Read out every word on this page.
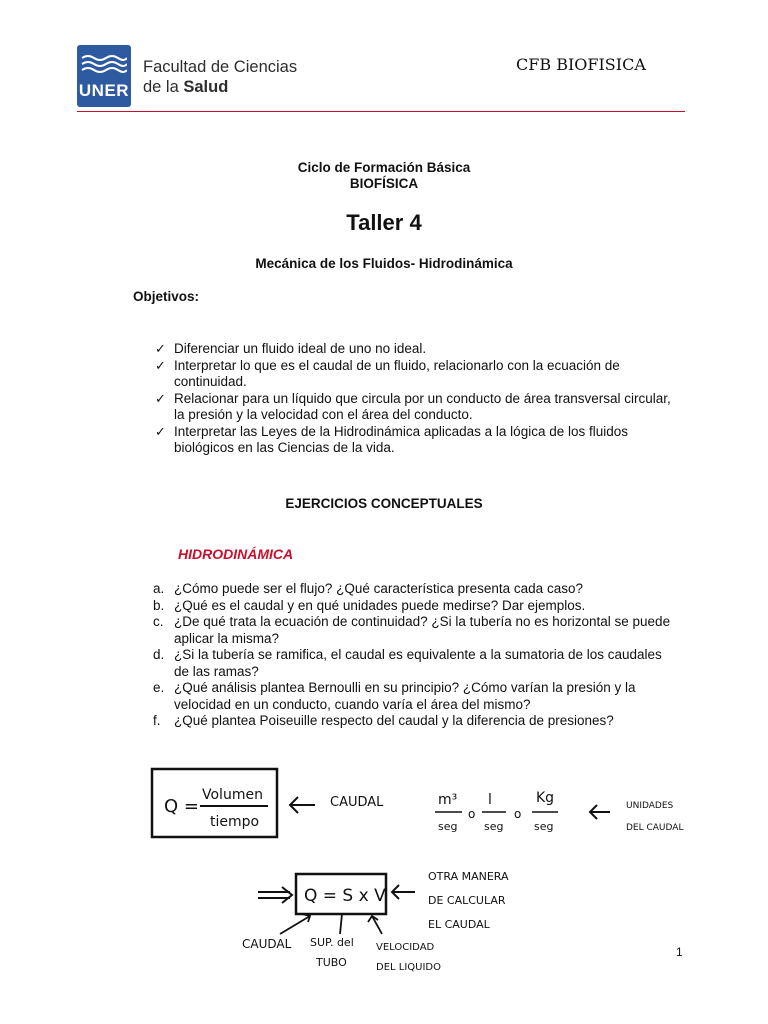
UNER
Facultad de Ciencias
de la Salud
CFB BIOFISICA
Ciclo de Formación Básica
BIOFÍSICA
Taller 4
Mecánica de los Fluidos- Hidrodinámica
Objetivos:
✓ Diferenciar un fluido ideal de uno no ideal.
✓ Interpretar lo que es el caudal de un fluido, relacionarlo con la ecuación de continuidad.
✓ Relacionar para un líquido que circula por un conducto de área transversal circular, la presión y la velocidad con el área del conducto.
✓ Interpretar las Leyes de la Hidrodinámica aplicadas a la lógica de los fluidos biológicos en las Ciencias de la vida.
EJERCICIOS CONCEPTUALES
HIDRODINÁMICA
a. ¿Cómo puede ser el flujo? ¿Qué característica presenta cada caso?
b. ¿Qué es el caudal y en qué unidades puede medirse? Dar ejemplos.
c. ¿De qué trata la ecuación de continuidad? ¿Si la tubería no es horizontal se puede aplicar la misma?
d. ¿Si la tubería se ramifica, el caudal es equivalente a la sumatoria de los caudales de las ramas?
e. ¿Qué análisis plantea Bernoulli en su principio? ¿Cómo varían la presión y la velocidad en un conducto, cuando varía el área del mismo?
f. ¿Qué plantea Poiseuille respecto del caudal y la diferencia de presiones?
Q =
Volumen
tiempo
CAUDAL	m³
seg
o
l
seg
o
Kg
seg
UNIDADES
DEL CAUDAL
Q = S x V
OTRA MANERA
DE CALCULAR
EL CAUDAL
CAUDAL SUP. del
TUBO
VELOCIDAD
DEL LIQUIDO
1
